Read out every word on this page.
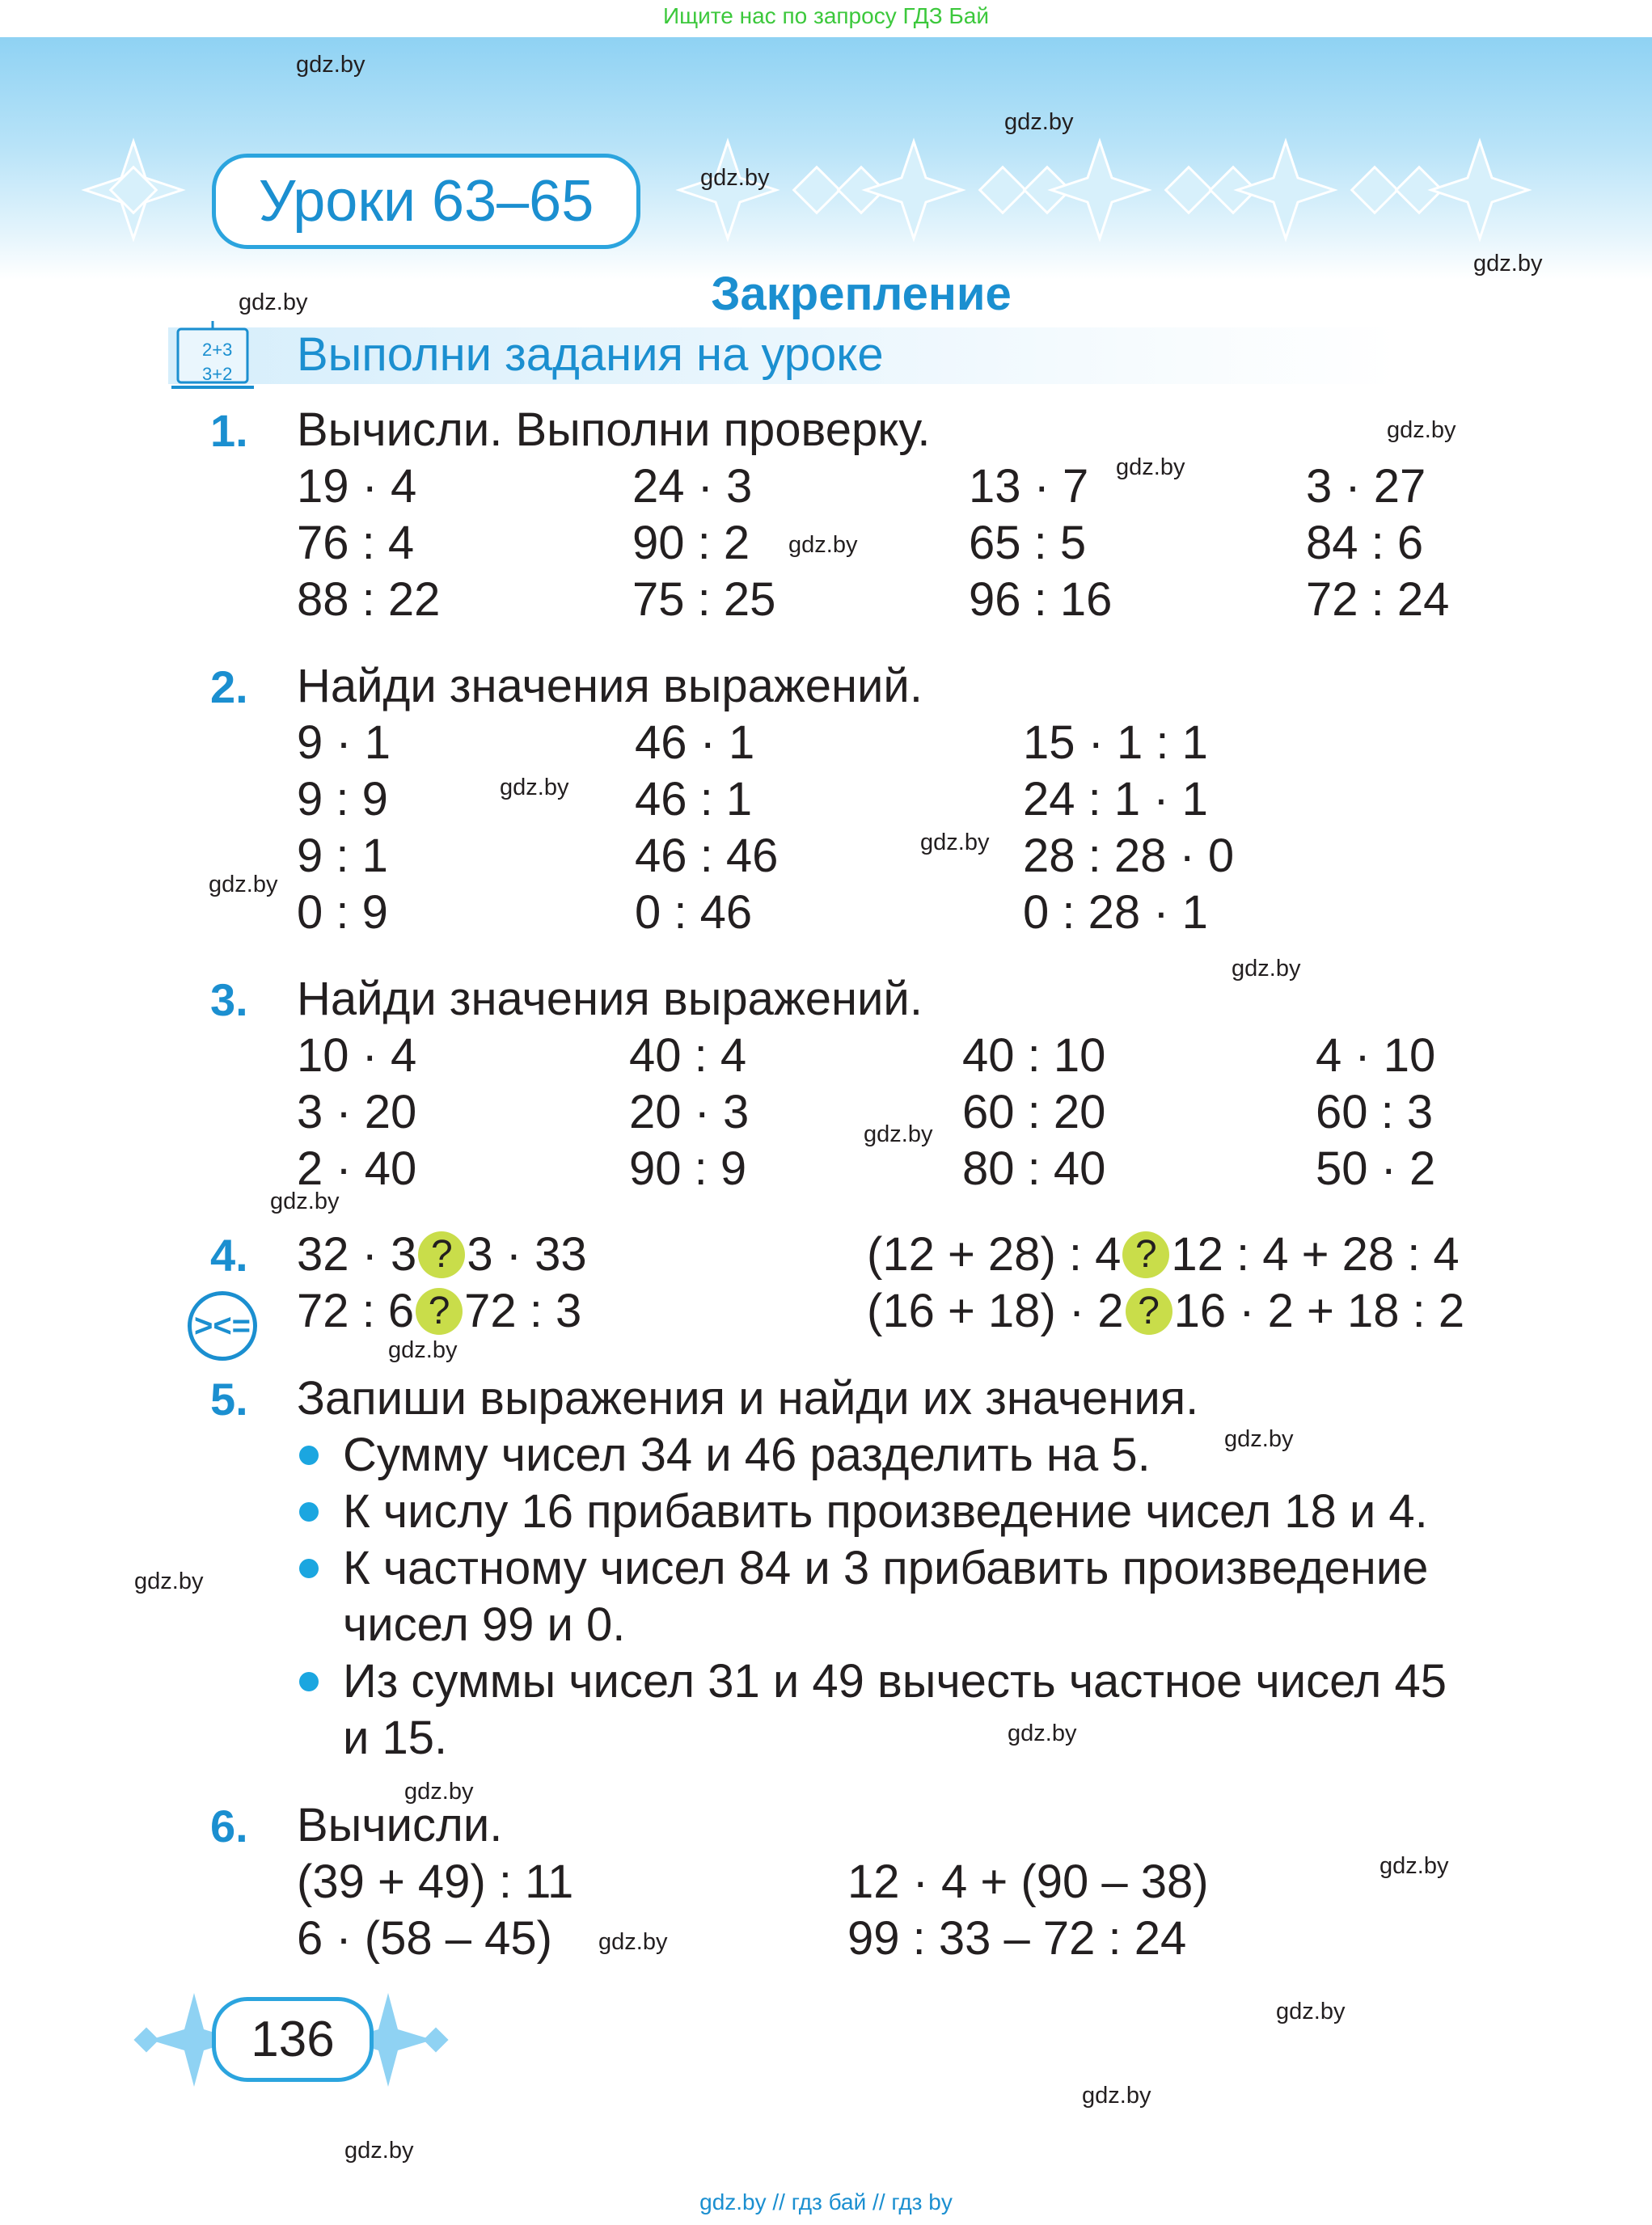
Ищите нас по запросу ГДЗ Бай
Уроки 63–65
Закрепление
2+3
3+2 Выполни задания на уроке
1. Вычисли. Выполни проверку.
19 · 4	24 · 3	13 · 7	3 · 27
76 : 4	90 : 2	65 : 5	84 : 6
88 : 22	75 : 25	96 : 16	72 : 24
2. Найди значения выражений.
9 · 1	46 · 1	15 · 1 : 1
9 : 9	46 : 1	24 : 1 · 1
9 : 1	46 : 46	28 : 28 · 0
0 : 9	0 : 46	0 : 28 · 1
3. Найди значения выражений.
10 · 4	40 : 4	40 : 10	4 · 10
3 · 20	20 · 3	60 : 20	60 : 3
2 · 40	90 : 9	80 : 40	50 · 2
4.
><=
32 · 3 ? 3 · 33	(12 + 28) : 4 ? 12 : 4 + 28 : 4
72 : 6 ? 72 : 3	(16 + 18) · 2 ? 16 · 2 + 18 : 2
5. Запиши выражения и найди их значения.
Сумму чисел 34 и 46 разделить на 5.
К числу 16 прибавить произведение чисел 18 и 4.
К частному чисел 84 и 3 прибавить произведение
чисел 99 и 0.
Из суммы чисел 31 и 49 вычесть частное чисел 45
и 15.
6. Вычисли.
(39 + 49) : 11	12 · 4 + (90 – 38)
6 · (58 – 45)	99 : 33 – 72 : 24
136
gdz.by
gdz.by
gdz.by
gdz.by
gdz.by
gdz.by
gdz.by
gdz.by
gdz.by
gdz.by
gdz.by
gdz.by
gdz.by
gdz.by
gdz.by
gdz.by
gdz.by
gdz.by
gdz.by
gdz.by
gdz.by
gdz.by
gdz.by
gdz.by
gdz.by // гдз бай // гдз by
